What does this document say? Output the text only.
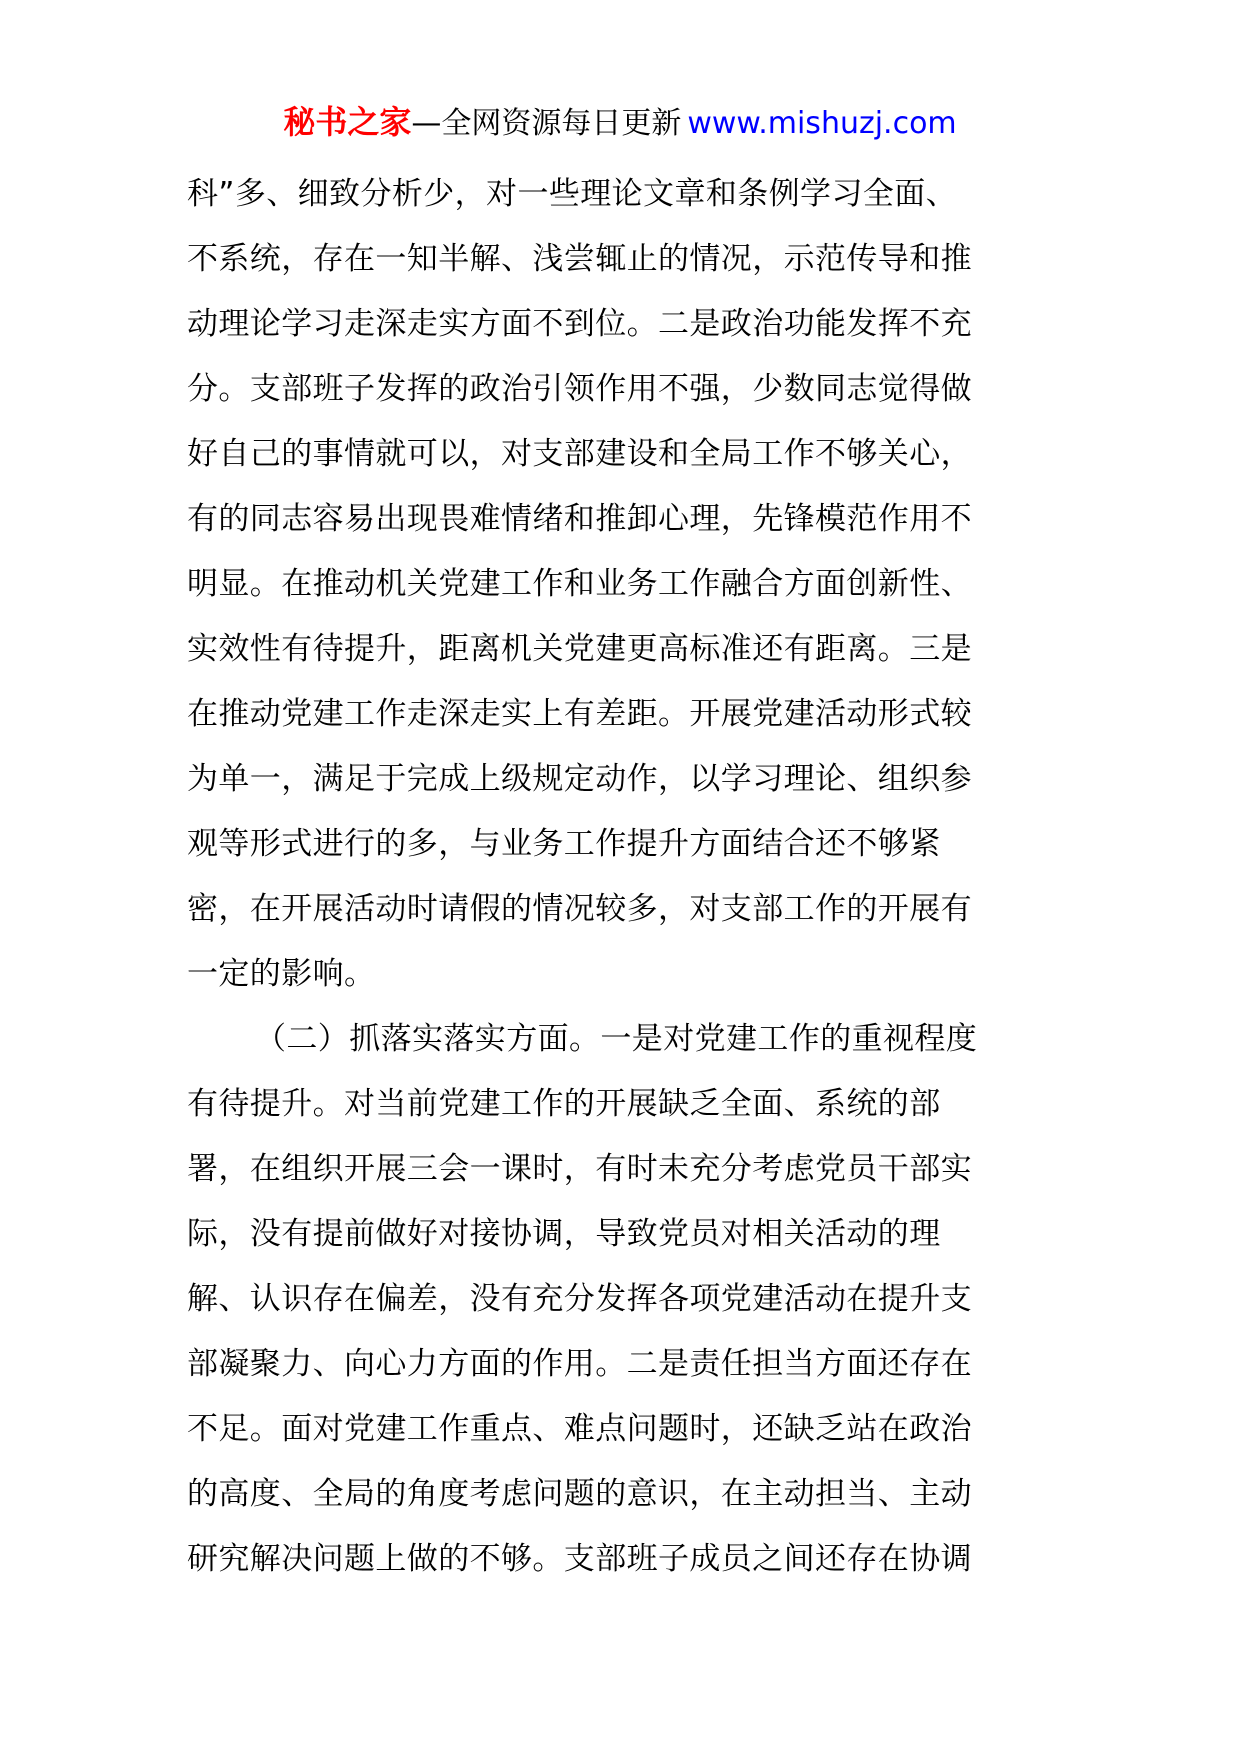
秘书之家—全网资源每日更新 www.mishuzj.com
科”多、细致分析少，对一些理论文章和条例学习全面、
不系统，存在一知半解、浅尝辄止的情况，示范传导和推
动理论学习走深走实方面不到位。二是政治功能发挥不充
分。支部班子发挥的政治引领作用不强，少数同志觉得做
好自己的事情就可以，对支部建设和全局工作不够关心，
有的同志容易出现畏难情绪和推卸心理，先锋模范作用不
明显。在推动机关党建工作和业务工作融合方面创新性、
实效性有待提升，距离机关党建更高标准还有距离。三是
在推动党建工作走深走实上有差距。开展党建活动形式较
为单一，满足于完成上级规定动作，以学习理论、组织参
观等形式进行的多，与业务工作提升方面结合还不够紧
密，在开展活动时请假的情况较多，对支部工作的开展有
一定的影响。
（二）抓落实落实方面。一是对党建工作的重视程度
有待提升。对当前党建工作的开展缺乏全面、系统的部
署，在组织开展三会一课时，有时未充分考虑党员干部实
际，没有提前做好对接协调，导致党员对相关活动的理
解、认识存在偏差，没有充分发挥各项党建活动在提升支
部凝聚力、向心力方面的作用。二是责任担当方面还存在
不足。面对党建工作重点、难点问题时，还缺乏站在政治
的高度、全局的角度考虑问题的意识，在主动担当、主动
研究解决问题上做的不够。支部班子成员之间还存在协调
